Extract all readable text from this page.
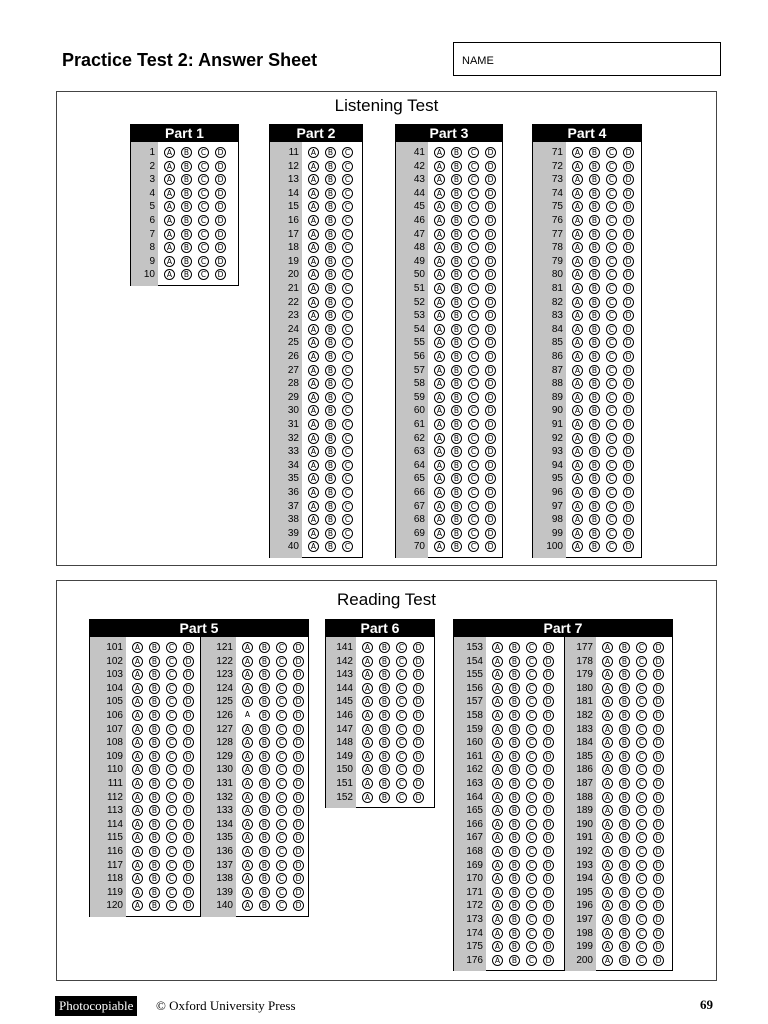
Practice Test 2: Answer Sheet	NAME
Listening Test
Part 1
1	A	B	C	D
2	A	B	C	D
3	A	B	C	D
4	A	B	C	D
5	A	B	C	D
6	A	B	C	D
7	A	B	C	D
8	A	B	C	D
9	A	B	C	D
10	A	B	C	D
Part 2
11	A	B	C
12	A	B	C
13	A	B	C
14	A	B	C
15	A	B	C
16	A	B	C
17	A	B	C
18	A	B	C
19	A	B	C
20	A	B	C
21	A	B	C
22	A	B	C
23	A	B	C
24	A	B	C
25	A	B	C
26	A	B	C
27	A	B	C
28	A	B	C
29	A	B	C
30	A	B	C
31	A	B	C
32	A	B	C
33	A	B	C
34	A	B	C
35	A	B	C
36	A	B	C
37	A	B	C
38	A	B	C
39	A	B	C
40	A	B	C
Part 3
41	A	B	C	D
42	A	B	C	D
43	A	B	C	D
44	A	B	C	D
45	A	B	C	D
46	A	B	C	D
47	A	B	C	D
48	A	B	C	D
49	A	B	C	D
50	A	B	C	D
51	A	B	C	D
52	A	B	C	D
53	A	B	C	D
54	A	B	C	D
55	A	B	C	D
56	A	B	C	D
57	A	B	C	D
58	A	B	C	D
59	A	B	C	D
60	A	B	C	D
61	A	B	C	D
62	A	B	C	D
63	A	B	C	D
64	A	B	C	D
65	A	B	C	D
66	A	B	C	D
67	A	B	C	D
68	A	B	C	D
69	A	B	C	D
70	A	B	C	D
Part 4
71	A	B	C	D
72	A	B	C	D
73	A	B	C	D
74	A	B	C	D
75	A	B	C	D
76	A	B	C	D
77	A	B	C	D
78	A	B	C	D
79	A	B	C	D
80	A	B	C	D
81	A	B	C	D
82	A	B	C	D
83	A	B	C	D
84	A	B	C	D
85	A	B	C	D
86	A	B	C	D
87	A	B	C	D
88	A	B	C	D
89	A	B	C	D
90	A	B	C	D
91	A	B	C	D
92	A	B	C	D
93	A	B	C	D
94	A	B	C	D
95	A	B	C	D
96	A	B	C	D
97	A	B	C	D
98	A	B	C	D
99	A	B	C	D
100	A	B	C	D
Reading Test
Part 5
101	A	B	C	D
102	A	B	C	D
103	A	B	C	D
104	A	B	C	D
105	A	B	C	D
106	A	B	C	D
107	A	B	C	D
108	A	B	C	D
109	A	B	C	D
110	A	B	C	D
111	A	B	C	D
112	A	B	C	D
113	A	B	C	D
114	A	B	C	D
115	A	B	C	D
116	A	B	C	D
117	A	B	C	D
118	A	B	C	D
119	A	B	C	D
120	A	B	C	D
121	A	B	C	D
122	A	B	C	D
123	A	B	C	D
124	A	B	C	D
125	A	B	C	D
126	A	B	C	D
127	A	B	C	D
128	A	B	C	D
129	A	B	C	D
130	A	B	C	D
131	A	B	C	D
132	A	B	C	D
133	A	B	C	D
134	A	B	C	D
135	A	B	C	D
136	A	B	C	D
137	A	B	C	D
138	A	B	C	D
139	A	B	C	D
140	A	B	C	D
Part 6
141	A	B	C	D
142	A	B	C	D
143	A	B	C	D
144	A	B	C	D
145	A	B	C	D
146	A	B	C	D
147	A	B	C	D
148	A	B	C	D
149	A	B	C	D
150	A	B	C	D
151	A	B	C	D
152	A	B	C	D
Part 7
153	A	B	C	D
154	A	B	C	D
155	A	B	C	D
156	A	B	C	D
157	A	B	C	D
158	A	B	C	D
159	A	B	C	D
160	A	B	C	D
161	A	B	C	D
162	A	B	C	D
163	A	B	C	D
164	A	B	C	D
165	A	B	C	D
166	A	B	C	D
167	A	B	C	D
168	A	B	C	D
169	A	B	C	D
170	A	B	C	D
171	A	B	C	D
172	A	B	C	D
173	A	B	C	D
174	A	B	C	D
175	A	B	C	D
176	A	B	C	D
177	A	B	C	D
178	A	B	C	D
179	A	B	C	D
180	A	B	C	D
181	A	B	C	D
182	A	B	C	D
183	A	B	C	D
184	A	B	C	D
185	A	B	C	D
186	A	B	C	D
187	A	B	C	D
188	A	B	C	D
189	A	B	C	D
190	A	B	C	D
191	A	B	C	D
192	A	B	C	D
193	A	B	C	D
194	A	B	C	D
195	A	B	C	D
196	A	B	C	D
197	A	B	C	D
198	A	B	C	D
199	A	B	C	D
200	A	B	C	D
Photocopiable	© Oxford University Press	69
